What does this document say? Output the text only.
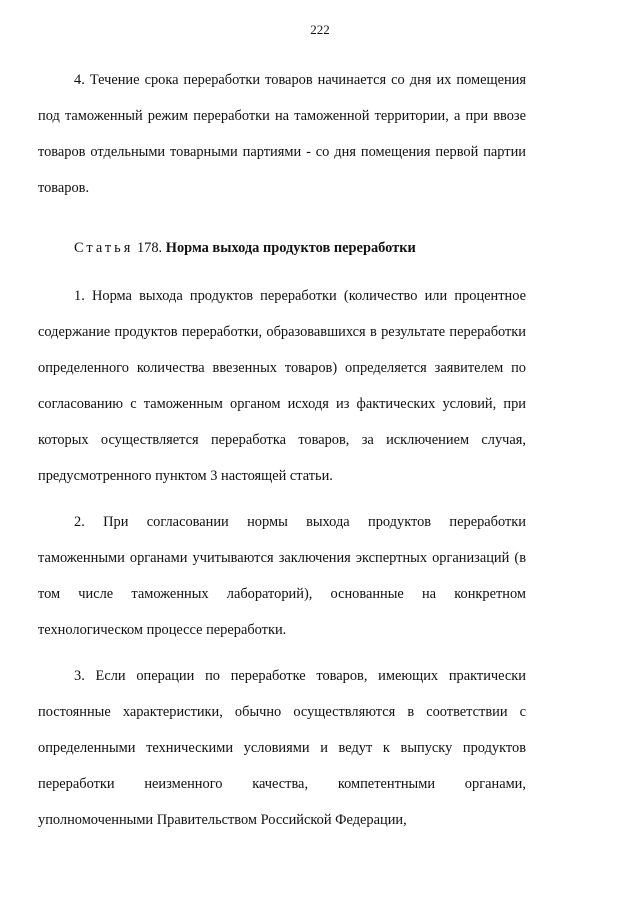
222

4. Течение срока переработки товаров начинается со дня их помещения под таможенный режим переработки на таможенной территории, а при ввозе товаров отдельными товарными партиями - со дня помещения первой партии товаров.

Статья 178. Норма выхода продуктов переработки

1. Норма выхода продуктов переработки (количество или процентное содержание продуктов переработки, образовавшихся в результате переработки определенного количества ввезенных товаров) определяется заявителем по согласованию с таможенным органом исходя из фактических условий, при которых осуществляется переработка товаров, за исключением случая, предусмотренного пунктом 3 настоящей статьи.

2. При согласовании нормы выхода продуктов переработки таможенными органами учитываются заключения экспертных организаций (в том числе таможенных лабораторий), основанные на конкретном технологическом процессе переработки.

3. Если операции по переработке товаров, имеющих практически постоянные характеристики, обычно осуществляются в соответствии с определенными техническими условиями и ведут к выпуску продуктов переработки неизменного качества, компетентными органами, уполномоченными Правительством Российской Федерации,
